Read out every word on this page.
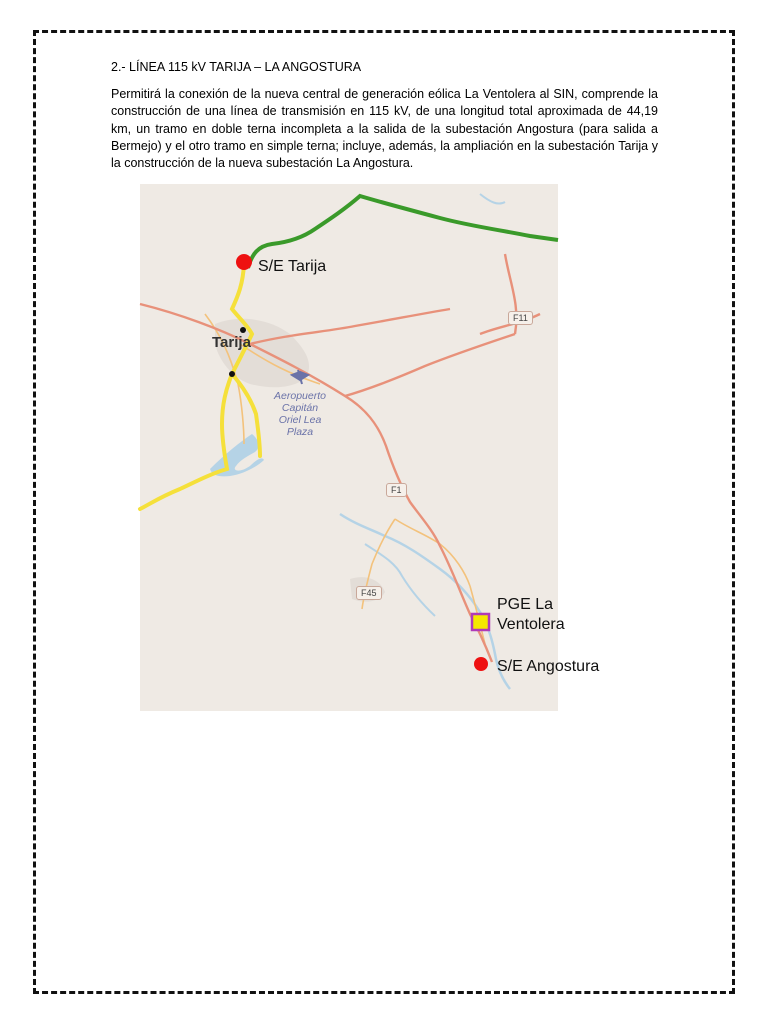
2.- LÍNEA 115 kV TARIJA – LA ANGOSTURA

Permitirá la conexión de la nueva central de generación eólica La Ventolera al SIN, comprende la construcción de una línea de transmisión en 115 kV, de una longitud total aproximada de 44,19 km, un tramo en doble terna incompleta a la salida de la subestación Angostura (para salida a Bermejo) y el otro tramo en simple terna; incluye, además, la ampliación en la subestación Tarija y la construcción de la nueva subestación La Angostura.

S/E Tarija
Tarija
Aeropuerto
Capitán
Oriel Lea
Plaza
F11
F1
F45
PGE La
Ventolera
S/E Angostura
